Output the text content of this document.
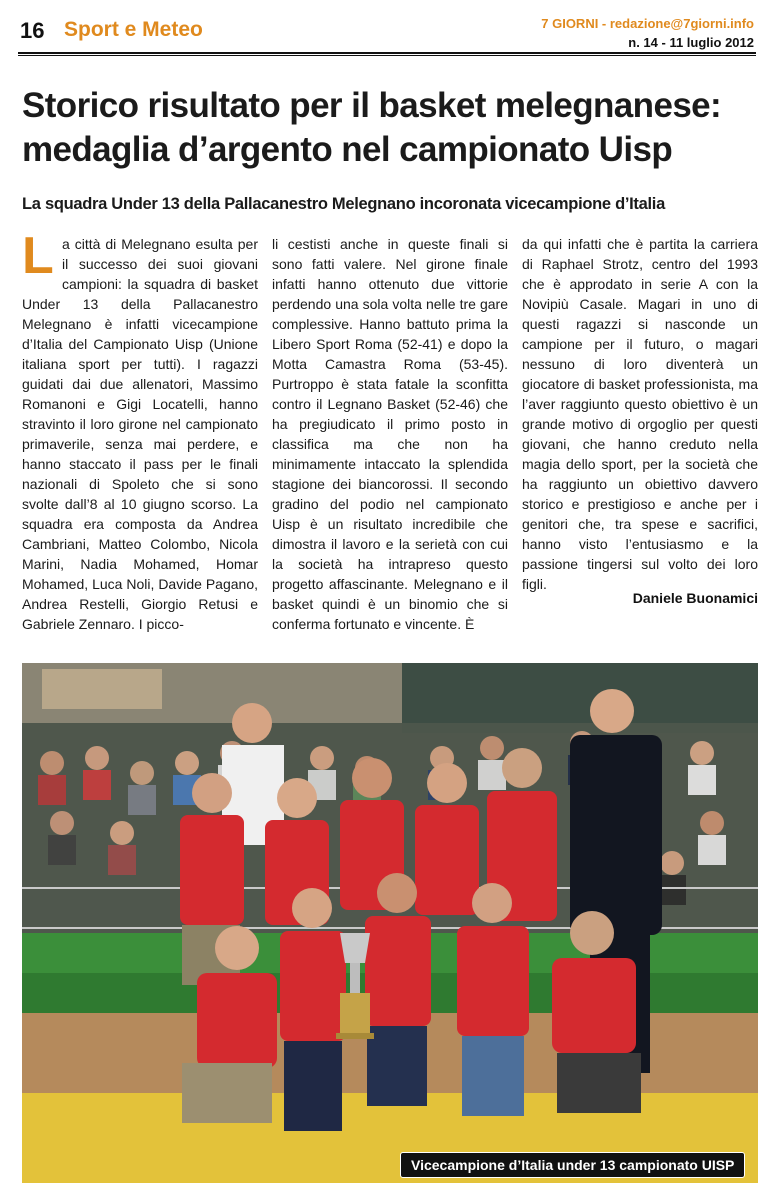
16 Sport e Meteo	7 GIORNI - redazione@7giorni.info
n. 14 - 11 luglio 2012
Storico risultato per il basket melegnanese:
medaglia d’argento nel campionato Uisp
La squadra Under 13 della Pallacanestro Melegnano incoronata vicecampione d’Italia
L a città di Melegnano esulta per il successo dei suoi giovani campioni: la squadra di basket Under 13 della Pallacanestro Melegnano è infatti vicecampione d’Italia del Campionato Uisp (Unione italiana sport per tutti). I ragazzi guidati dai due allenatori, Massimo Romanoni e Gigi Locatelli, hanno stravinto il loro girone nel campionato primaverile, senza mai perdere, e hanno staccato il pass per le finali nazionali di Spoleto che si sono svolte dall’8 al 10 giugno scorso. La squadra era composta da Andrea Cambriani, Matteo Colombo, Nicola Marini, Nadia Mohamed, Homar Mohamed, Luca Noli, Davide Pagano, Andrea Restelli, Giorgio Retusi e Gabriele Zennaro. I picco-

li cestisti anche in queste finali si sono fatti valere. Nel girone finale infatti hanno ottenuto due vittorie perdendo una sola volta nelle tre gare complessive. Hanno battuto prima la Libero Sport Roma (52-41) e dopo la Motta Camastra Roma (53-45). Purtroppo è stata fatale la sconfitta contro il Legnano Basket (52-46) che ha pregiudicato il primo posto in classifica ma che non ha minimamente intaccato la splendida stagione dei biancorossi. Il secondo gradino del podio nel campionato Uisp è un risultato incredibile che dimostra il lavoro e la serietà con cui la società ha intrapreso questo progetto affascinante. Melegnano e il basket quindi è un binomio che si conferma fortunato e vincente. È

da qui infatti che è partita la carriera di Raphael Strotz, centro del 1993 che è approdato in serie A con la Novipiù Casale. Magari in uno di questi ragazzi si nasconde un campione per il futuro, o magari nessuno di loro diventerà un giocatore di basket professionista, ma l’aver raggiunto questo obiettivo è un grande motivo di orgoglio per questi giovani, che hanno creduto nella magia dello sport, per la società che ha raggiunto un obiettivo davvero storico e prestigioso e anche per i genitori che, tra spese e sacrifici, hanno visto l’entusiasmo e la passione tingersi sul volto dei loro figli.

Daniele Buonamici
Vicecampione d’Italia under 13 campionato UISP
